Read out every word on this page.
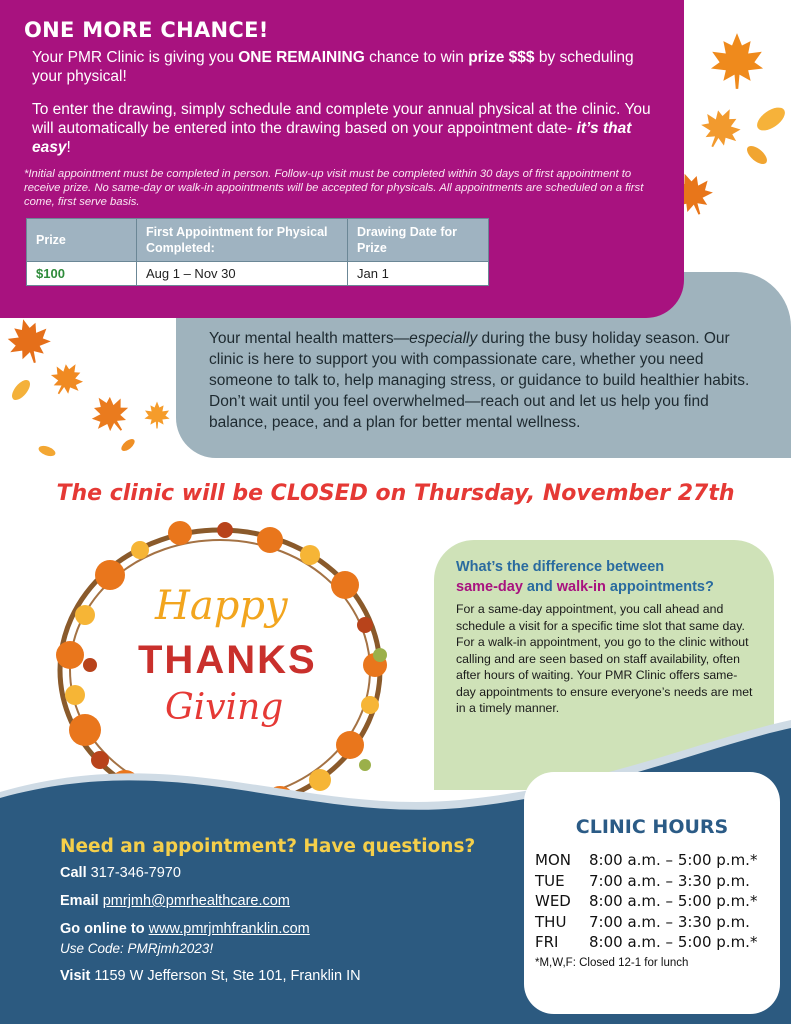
ONE MORE CHANCE!

Your PMR Clinic is giving you ONE REMAINING chance to win prize $$$ by scheduling your physical!

To enter the drawing, simply schedule and complete your annual physical at the clinic. You will automatically be entered into the drawing based on your appointment date- it’s that easy!

*Initial appointment must be completed in person. Follow-up visit must be completed within 30 days of first appointment to receive prize. No same-day or walk-in appointments will be accepted for physicals. All appointments are scheduled on a first come, first serve basis.

Prize	First Appointment for Physical Completed:	Drawing Date for Prize
$100	Aug 1 – Nov 30	Jan 1

Your mental health matters—especially during the busy holiday season. Our clinic is here to support you with compassionate care, whether you need someone to talk to, help managing stress, or guidance to build healthier habits. Don’t wait until you feel overwhelmed—reach out and let us help you find balance, peace, and a plan for better mental wellness.

The clinic will be CLOSED on Thursday, November 27th
Happy
THANKS
Giving
What’s the difference between
same-day and walk-in appointments?

For a same-day appointment, you call ahead and schedule a visit for a specific time slot that same day. For a walk-in appointment, you go to the clinic without calling and are seen based on staff availability, often after hours of waiting. Your PMR Clinic offers same-day appointments to ensure everyone’s needs are met in a timely manner.

Need an appointment? Have questions?
Call 317-346-7970
Email pmrjmh@pmrhealthcare.com
Go online to www.pmrjmhfranklin.com
Use Code: PMRjmh2023!
Visit 1159 W Jefferson St, Ste 101, Franklin IN
CLINIC HOURS
MON	8:00 a.m. – 5:00 p.m.*
TUE	7:00 a.m. – 3:30 p.m.
WED	8:00 a.m. – 5:00 p.m.*
THU	7:00 a.m. – 3:30 p.m.
FRI	8:00 a.m. – 5:00 p.m.*
*M,W,F: Closed 12-1 for lunch
